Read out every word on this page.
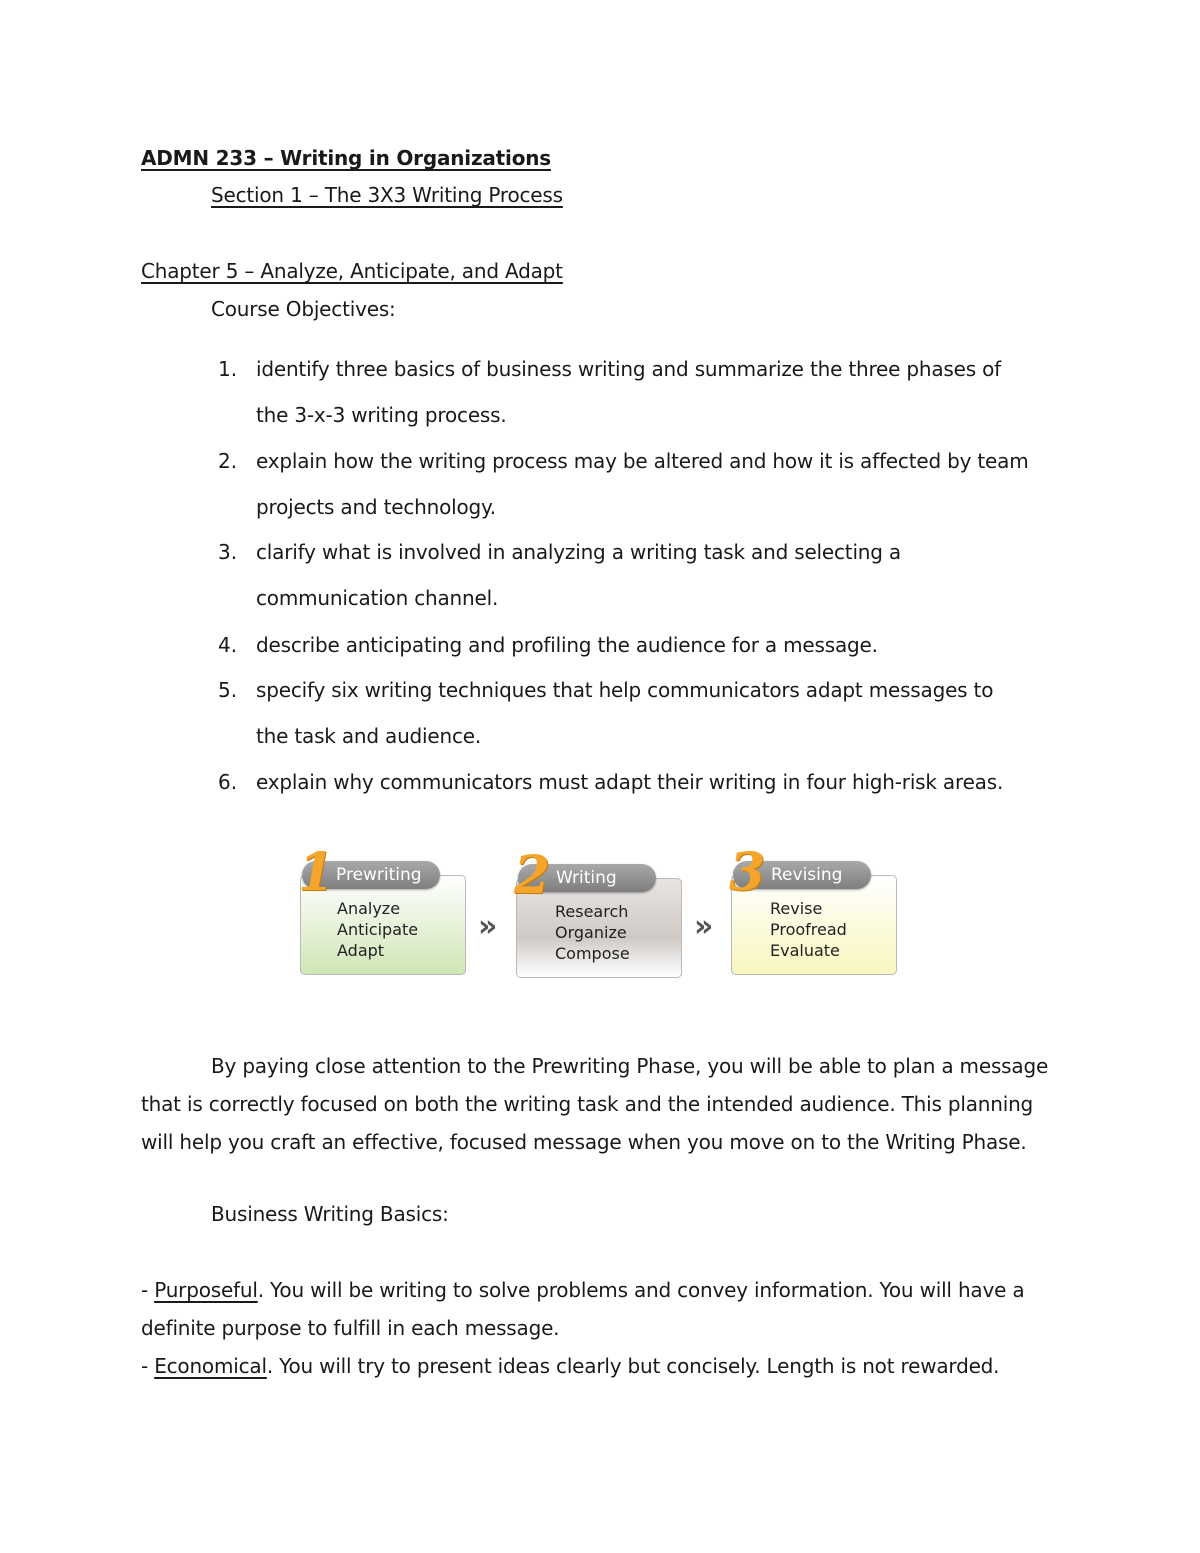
ADMN 233 – Writing in Organizations
Section 1 – The 3X3 Writing Process
Chapter 5 – Analyze, Anticipate, and Adapt
Course Objectives:
1. identify three basics of business writing and summarize the three phases of
the 3-x-3 writing process.
2. explain how the writing process may be altered and how it is affected by team
projects and technology.
3. clarify what is involved in analyzing a writing task and selecting a
communication channel.
4. describe anticipating and profiling the audience for a message.
5. specify six writing techniques that help communicators adapt messages to
the task and audience.
6. explain why communicators must adapt their writing in four high-risk areas.
Analyze
Anticipate
Adapt
Prewriting
1
»	Research
Organize
Compose
Writing
2
»
Revise
Proofread
Evaluate
Revising
3
By paying close attention to the Prewriting Phase, you will be able to plan a message that is correctly focused on both the writing task and the intended audience. This planning will help you craft an effective, focused message when you move on to the Writing Phase.
Business Writing Basics:
- Purposeful. You will be writing to solve problems and convey information. You will have a
definite purpose to fulfill in each message.
- Economical. You will try to present ideas clearly but concisely. Length is not rewarded.
